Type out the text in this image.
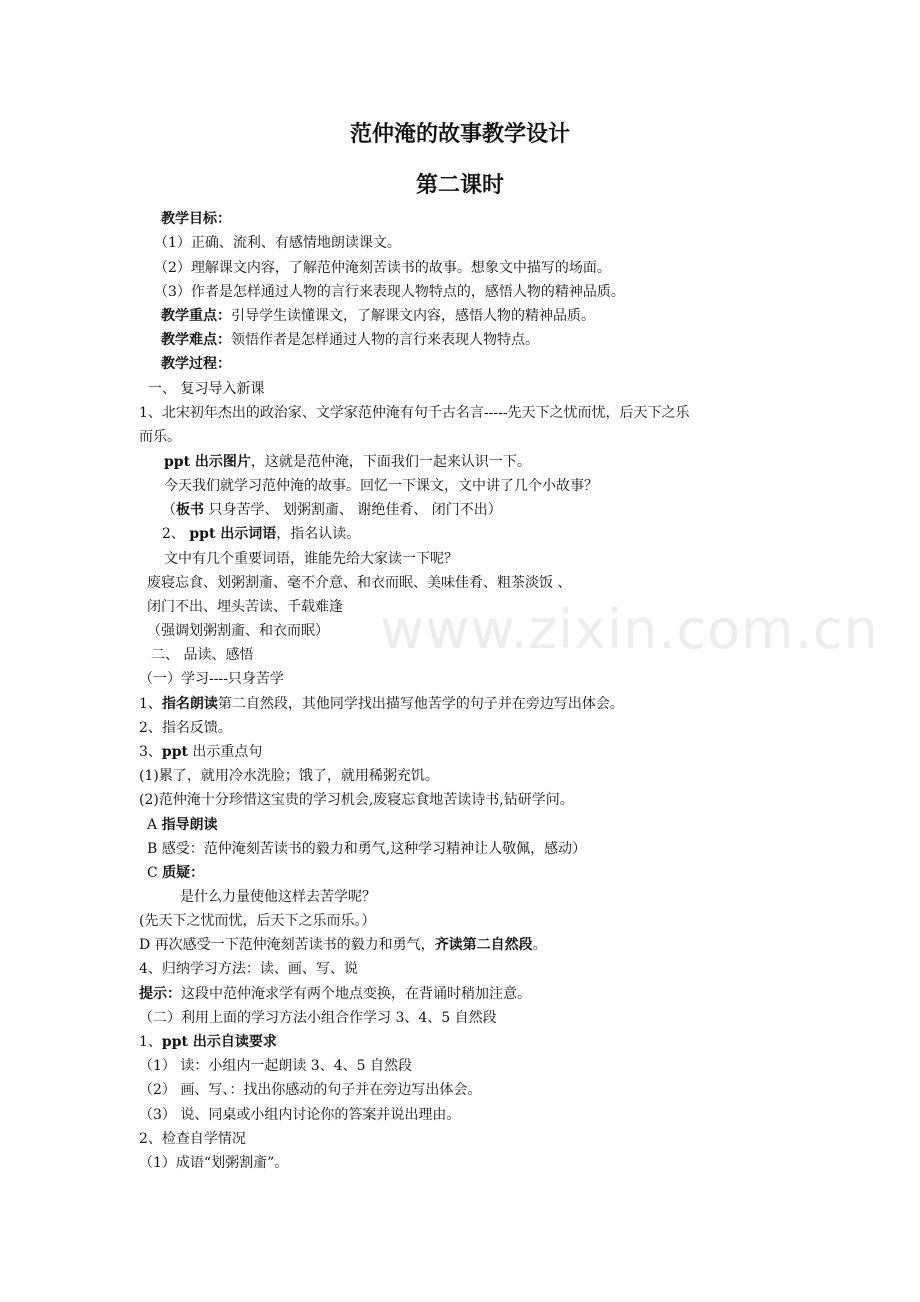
范仲淹的故事教学设计
第二课时
教学目标：
（1）正确、流利、有感情地朗读课文。
（2）理解课文内容，了解范仲淹刻苦读书的故事。想象文中描写的场面。
（3）作者是怎样通过人物的言行来表现人物特点的，感悟人物的精神品质。
教学重点：引导学生读懂课文，了解课文内容，感悟人物的精神品质。
教学难点：领悟作者是怎样通过人物的言行来表现人物特点。
教学过程：
一、 复习导入新课
1、北宋初年杰出的政治家、文学家范仲淹有句千古名言-----先天下之忧而忧，后天下之乐
而乐。
ppt 出示图片，这就是范仲淹，下面我们一起来认识一下。
今天我们就学习范仲淹的故事。回忆一下课文，文中讲了几个小故事？
（板书 只身苦学、 划粥割齑、 谢绝佳肴、 闭门不出）
2、 ppt 出示词语，指名认读。
文中有几个重要词语，谁能先给大家读一下呢？
废寝忘食、划粥割齑、毫不介意、和衣而眠、美味佳肴、粗茶淡饭 、
闭门不出、埋头苦读、千载难逢
（强调划粥割齑、和衣而眠）
二、 品读、感悟
（一）学习----只身苦学
1、指名朗读第二自然段，其他同学找出描写他苦学的句子并在旁边写出体会。
2、指名反馈。
3、ppt 出示重点句
(1)累了，就用冷水洗脸；饿了，就用稀粥充饥。
(2)范仲淹十分珍惜这宝贵的学习机会,废寝忘食地苦读诗书,钻研学问。
A 指导朗读
B 感受：范仲淹刻苦读书的毅力和勇气,这种学习精神让人敬佩，感动）
C 质疑：
是什么力量使他这样去苦学呢？
(先天下之忧而忧，后天下之乐而乐。）
D 再次感受一下范仲淹刻苦读书的毅力和勇气，齐读第二自然段。
4、归纳学习方法：读、画、写、说
提示：这段中范仲淹求学有两个地点变换，在背诵时稍加注意。
（二）利用上面的学习方法小组合作学习 3、4、5 自然段
1、ppt 出示自读要求
（1） 读：小组内一起朗读 3、4、5 自然段
（2） 画、写、：找出你感动的句子并在旁边写出体会。
（3） 说、同桌或小组内讨论你的答案并说出理由。
2、检查自学情况
（1）成语“划粥割齑”。
www.zixin.com.cn
